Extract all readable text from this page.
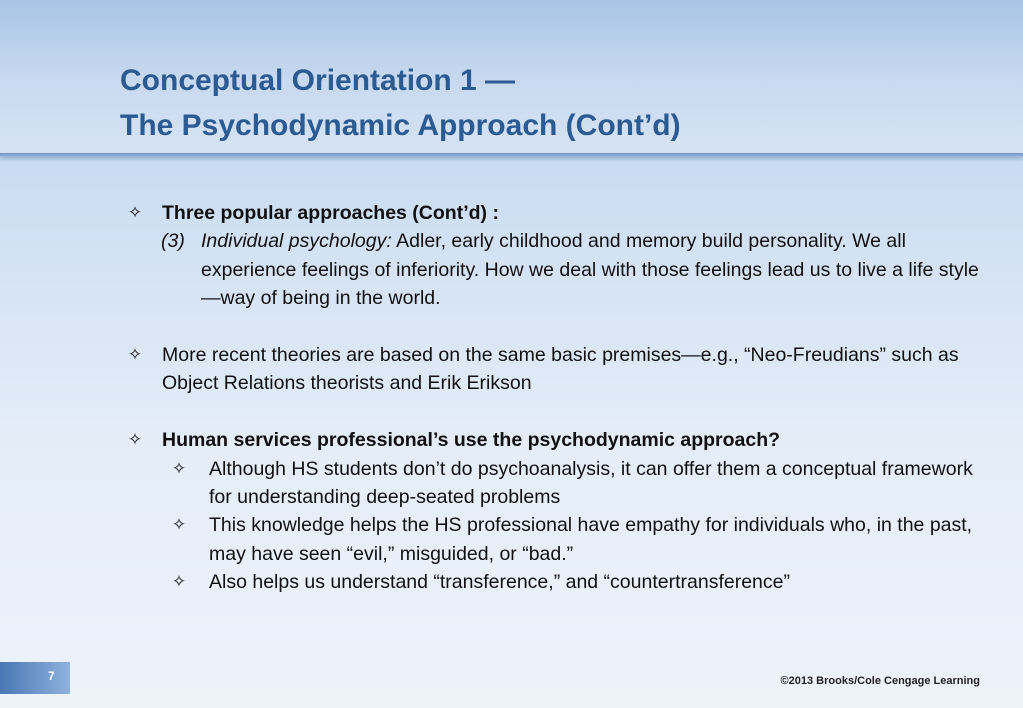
Conceptual Orientation 1 —
The Psychodynamic Approach (Cont’d)
✧ Three popular approaches (Cont’d) :
(3) Individual psychology: Adler, early childhood and memory build personality. We all experience feelings of inferiority. How we deal with those feelings lead us to live a life style—way of being in the world.
✧ More recent theories are based on the same basic premises—e.g., “Neo-Freudians” such as Object Relations theorists and Erik Erikson
✧ Human services professional’s use the psychodynamic approach?
✧ Although HS students don’t do psychoanalysis, it can offer them a conceptual framework for understanding deep-seated problems
✧ This knowledge helps the HS professional have empathy for individuals who, in the past, may have seen “evil,” misguided, or “bad.”
✧ Also helps us understand “transference,” and “countertransference”
7	©2013 Brooks/Cole Cengage Learning
